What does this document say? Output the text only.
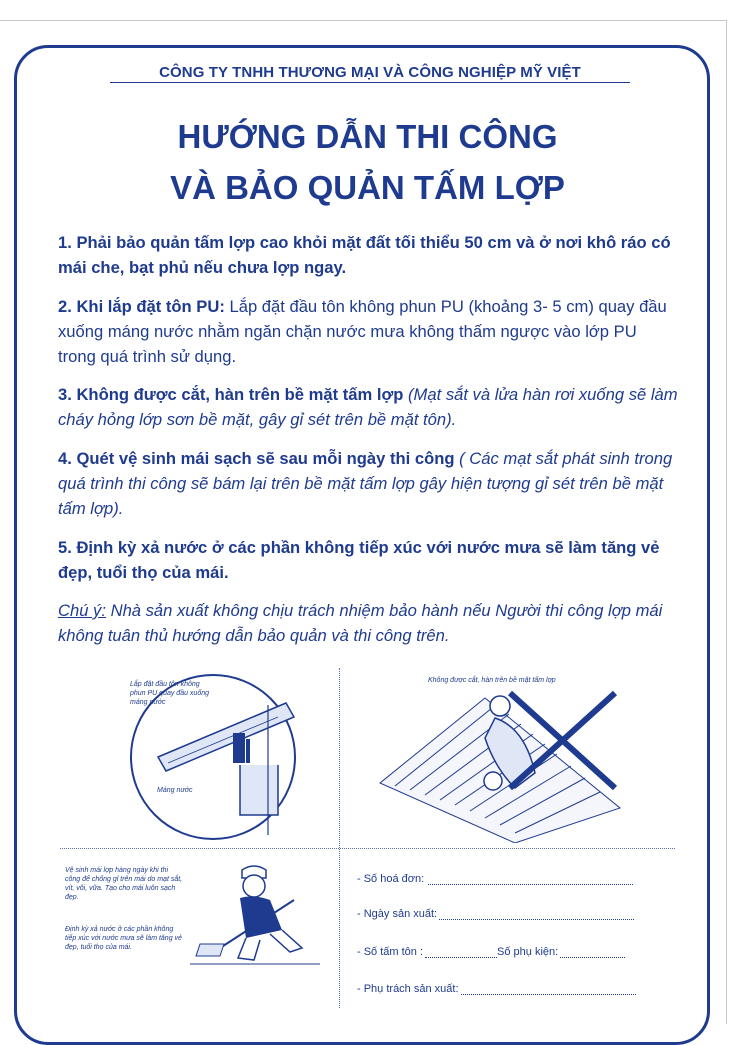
CÔNG TY TNHH THƯƠNG MẠI VÀ CÔNG NGHIỆP MỸ VIỆT
HƯỚNG DẪN THI CÔNG
VÀ BẢO QUẢN TẤM LỢP
1. Phải bảo quản tấm lợp cao khỏi mặt đất tối thiểu 50 cm và ở nơi khô ráo có mái che, bạt phủ nếu chưa lợp ngay.
2. Khi lắp đặt tôn PU: Lắp đặt đầu tôn không phun PU (khoảng 3- 5 cm) quay đầu xuống máng nước nhằm ngăn chặn nước mưa không thấm ngược vào lớp PU trong quá trình sử dụng.
3. Không được cắt, hàn trên bề mặt tấm lợp (Mạt sắt và lửa hàn rơi xuống sẽ làm cháy hỏng lớp sơn bề mặt, gây gỉ sét trên bề mặt tôn).
4. Quét vệ sinh mái sạch sẽ sau mỗi ngày thi công ( Các mạt sắt phát sinh trong quá trình thi công sẽ bám lại trên bề mặt tấm lợp gây hiện tượng gỉ sét trên bề mặt tấm lợp).
5. Định kỳ xả nước ở các phần không tiếp xúc với nước mưa sẽ làm tăng vẻ đẹp, tuổi thọ của mái.
Chú ý: Nhà sản xuất không chịu trách nhiệm bảo hành nếu Người thi công lợp mái không tuân thủ hướng dẫn bảo quản và thi công trên.
Lắp đặt đầu tôn không phun PU quay đầu xuống máng nước
Máng nước
Không được cắt, hàn trên bề mặt tấm lợp
Vệ sinh mái lợp hàng ngày khi thi công để chống gỉ trên mái do mạt sắt, vít, vôi, vữa. Tạo cho mái luôn sạch đẹp.
Định kỳ xả nước ở các phần không tiếp xúc với nước mưa sẽ làm tăng vẻ đẹp, tuổi thọ của mái.
- Số hoá đơn:
- Ngày sản xuất:
- Số tấm tôn :	Số phụ kiện:
- Phụ trách sản xuất:
